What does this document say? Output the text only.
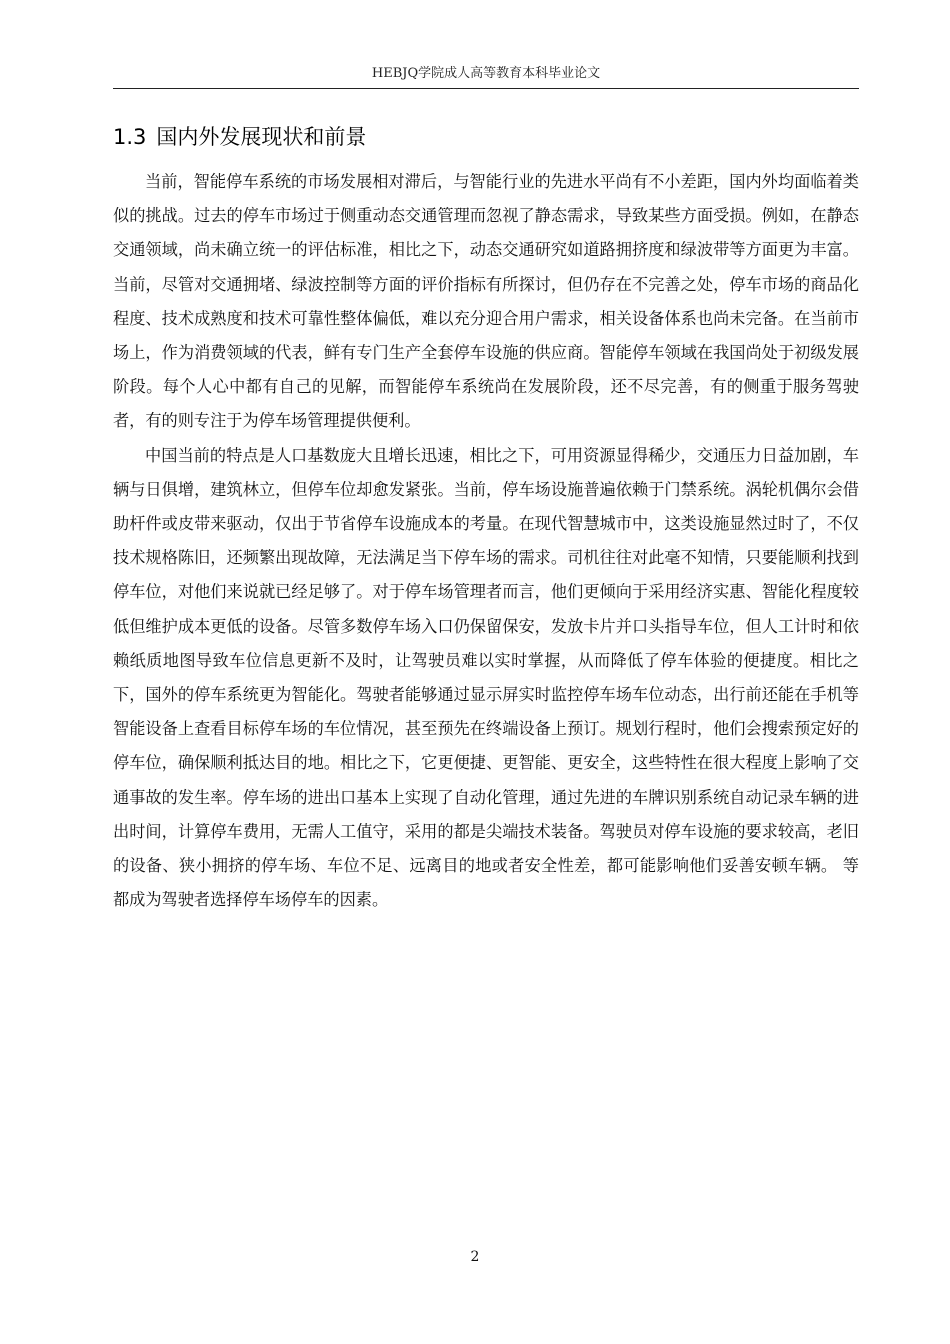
HEBJQ学院成人高等教育本科毕业论文
1.3 国内外发展现状和前景

当前，智能停车系统的市场发展相对滞后，与智能行业的先进水平尚有不小差距，国内外均面临着类似的挑战。过去的停车市场过于侧重动态交通管理而忽视了静态需求，导致某些方面受损。例如，在静态交通领域，尚未确立统一的评估标准，相比之下，动态交通研究如道路拥挤度和绿波带等方面更为丰富。当前，尽管对交通拥堵、绿波控制等方面的评价指标有所探讨，但仍存在不完善之处，停车市场的商品化程度、技术成熟度和技术可靠性整体偏低，难以充分迎合用户需求，相关设备体系也尚未完备。在当前市场上，作为消费领域的代表，鲜有专门生产全套停车设施的供应商。智能停车领域在我国尚处于初级发展阶段。每个人心中都有自己的见解，而智能停车系统尚在发展阶段，还不尽完善，有的侧重于服务驾驶者，有的则专注于为停车场管理提供便利。

中国当前的特点是人口基数庞大且增长迅速，相比之下，可用资源显得稀少，交通压力日益加剧，车辆与日俱增，建筑林立，但停车位却愈发紧张。当前，停车场设施普遍依赖于门禁系统。涡轮机偶尔会借助杆件或皮带来驱动，仅出于节省停车设施成本的考量。在现代智慧城市中，这类设施显然过时了，不仅技术规格陈旧，还频繁出现故障，无法满足当下停车场的需求。司机往往对此毫不知情，只要能顺利找到停车位，对他们来说就已经足够了。对于停车场管理者而言，他们更倾向于采用经济实惠、智能化程度较低但维护成本更低的设备。尽管多数停车场入口仍保留保安，发放卡片并口头指导车位，但人工计时和依赖纸质地图导致车位信息更新不及时，让驾驶员难以实时掌握，从而降低了停车体验的便捷度。相比之下，国外的停车系统更为智能化。驾驶者能够通过显示屏实时监控停车场车位动态，出行前还能在手机等智能设备上查看目标停车场的车位情况，甚至预先在终端设备上预订。规划行程时，他们会搜索预定好的停车位，确保顺利抵达目的地。相比之下，它更便捷、更智能、更安全，这些特性在很大程度上影响了交通事故的发生率。停车场的进出口基本上实现了自动化管理，通过先进的车牌识别系统自动记录车辆的进出时间，计算停车费用，无需人工值守，采用的都是尖端技术装备。驾驶员对停车设施的要求较高，老旧的设备、狭小拥挤的停车场、车位不足、远离目的地或者安全性差，都可能影响他们妥善安顿车辆。 等都成为驾驶者选择停车场停车的因素。

2
